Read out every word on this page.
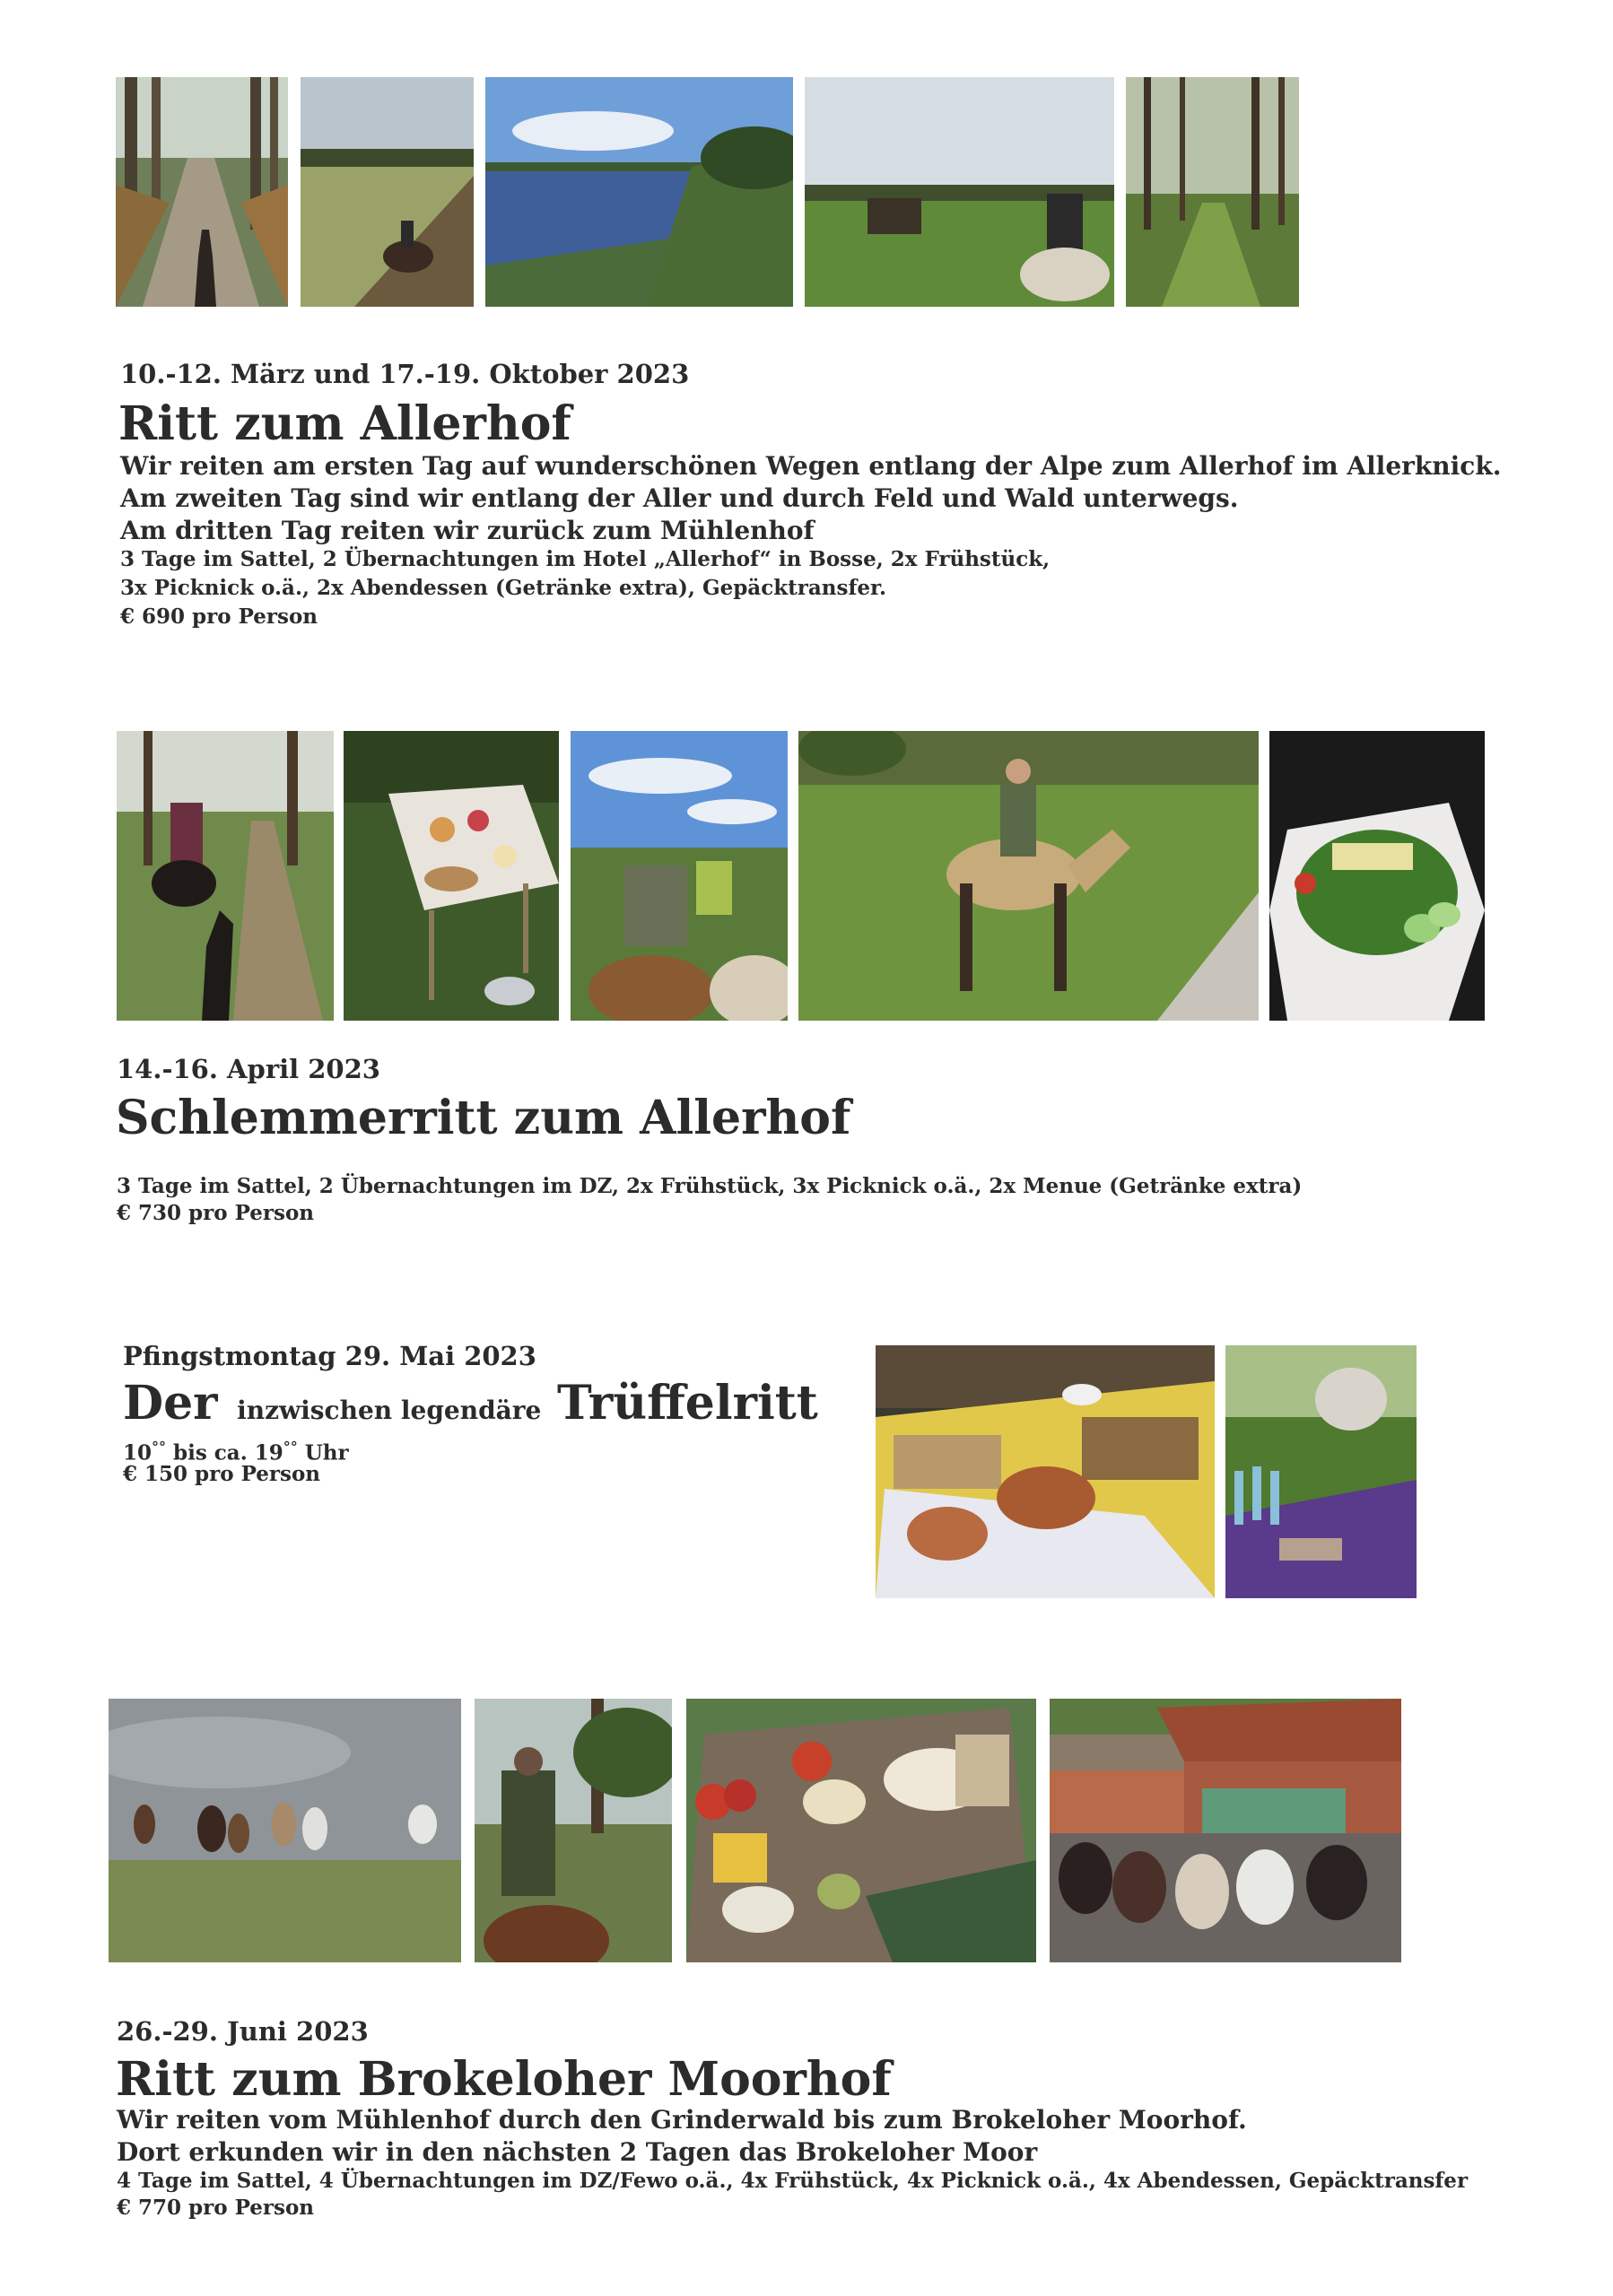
10.-12. März und 17.-19. Oktober 2023
Ritt zum Allerhof
Wir reiten am ersten Tag auf wunderschönen Wegen entlang der Alpe zum Allerhof im Allerknick.
Am zweiten Tag sind wir entlang der Aller und durch Feld und Wald unterwegs.
Am dritten Tag reiten wir zurück zum Mühlenhof
3 Tage im Sattel, 2 Übernachtungen im Hotel „Allerhof“ in Bosse, 2x Frühstück,
3x Picknick o.ä., 2x Abendessen (Getränke extra), Gepäcktransfer.
€ 690 pro Person
14.-16. April 2023
Schlemmerritt zum Allerhof
3 Tage im Sattel, 2 Übernachtungen im DZ, 2x Frühstück, 3x Picknick o.ä., 2x Menue (Getränke extra)
€ 730 pro Person
Pfingstmontag 29. Mai 2023
Der inzwischen legendäre Trüffelritt
10°° bis ca. 19°° Uhr
€ 150 pro Person
26.-29. Juni 2023
Ritt zum Brokeloher Moorhof
Wir reiten vom Mühlenhof durch den Grinderwald bis zum Brokeloher Moorhof.
Dort erkunden wir in den nächsten 2 Tagen das Brokeloher Moor
4 Tage im Sattel, 4 Übernachtungen im DZ/Fewo o.ä., 4x Frühstück, 4x Picknick o.ä., 4x Abendessen, Gepäcktransfer
€ 770 pro Person
